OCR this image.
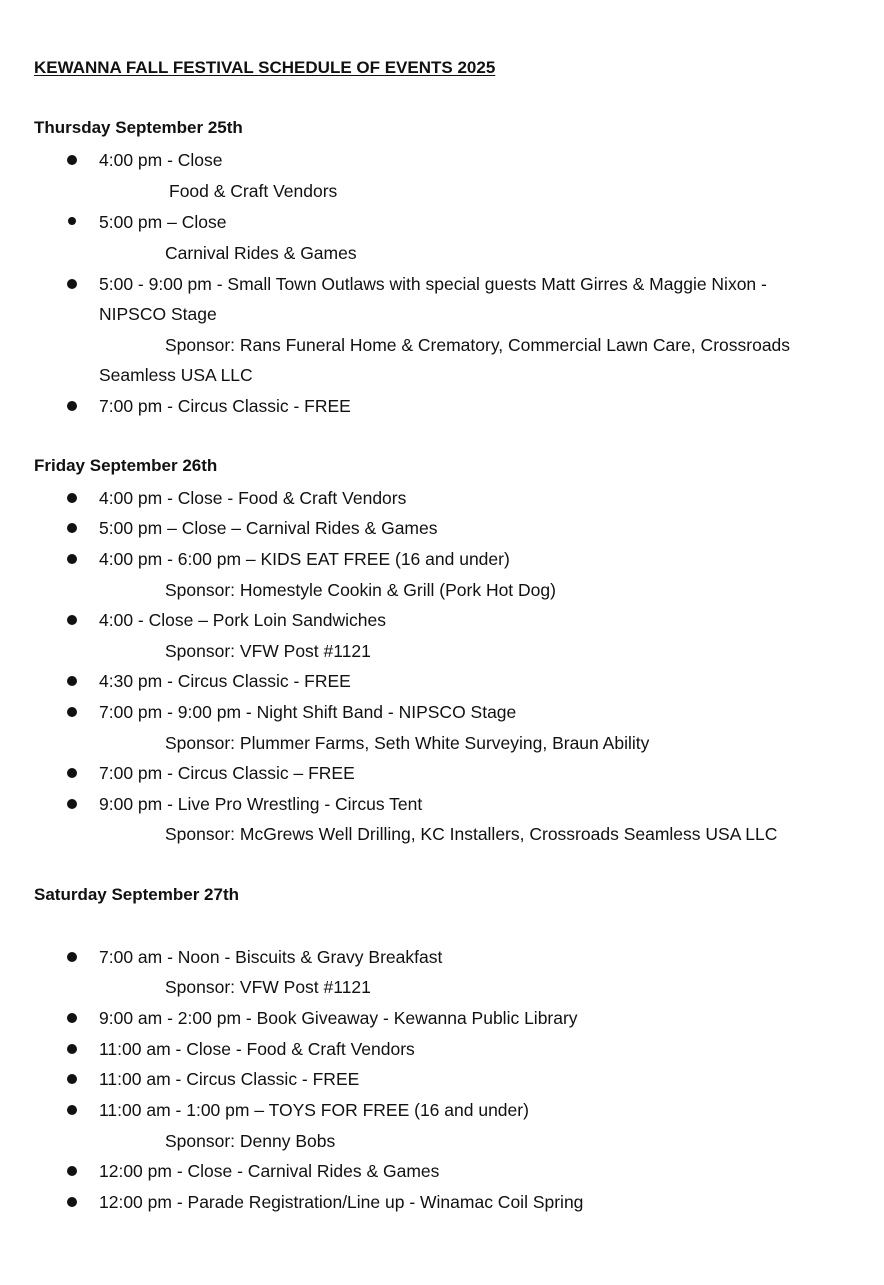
KEWANNA FALL FESTIVAL SCHEDULE OF EVENTS 2025
Thursday September 25th
4:00 pm - Close
Food & Craft Vendors
5:00 pm – Close
Carnival Rides & Games
5:00 - 9:00 pm - Small Town Outlaws with special guests Matt Girres & Maggie Nixon -
NIPSCO Stage
Sponsor: Rans Funeral Home & Crematory, Commercial Lawn Care, Crossroads
Seamless USA LLC
7:00 pm - Circus Classic - FREE
Friday September 26th
4:00 pm - Close - Food & Craft Vendors
5:00 pm – Close – Carnival Rides & Games
4:00 pm - 6:00 pm – KIDS EAT FREE (16 and under)
Sponsor: Homestyle Cookin & Grill (Pork Hot Dog)
4:00 - Close – Pork Loin Sandwiches
Sponsor: VFW Post #1121
4:30 pm - Circus Classic - FREE
7:00 pm - 9:00 pm - Night Shift Band - NIPSCO Stage
Sponsor: Plummer Farms, Seth White Surveying, Braun Ability
7:00 pm - Circus Classic – FREE
9:00 pm - Live Pro Wrestling - Circus Tent
Sponsor: McGrews Well Drilling, KC Installers, Crossroads Seamless USA LLC
Saturday September 27th
7:00 am - Noon - Biscuits & Gravy Breakfast
Sponsor: VFW Post #1121
9:00 am - 2:00 pm - Book Giveaway - Kewanna Public Library
11:00 am - Close - Food & Craft Vendors
11:00 am - Circus Classic - FREE
11:00 am - 1:00 pm – TOYS FOR FREE (16 and under)
Sponsor: Denny Bobs
12:00 pm - Close - Carnival Rides & Games
12:00 pm - Parade Registration/Line up - Winamac Coil Spring
